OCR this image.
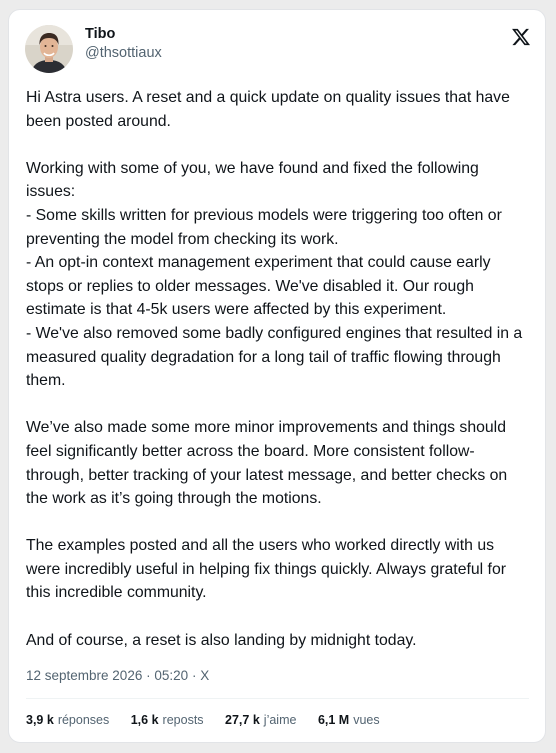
Tibo
@thsottiaux

Hi Astra users. A reset and a quick update on quality issues that have
been posted around.

Working with some of you, we have found and fixed the following
issues:
- Some skills written for previous models were triggering too often or
preventing the model from checking its work.
- An opt-in context management experiment that could cause early
stops or replies to older messages. We've disabled it. Our rough
estimate is that 4-5k users were affected by this experiment.
- We've also removed some badly configured engines that resulted in a
measured quality degradation for a long tail of traffic flowing through
them.

We’ve also made some more minor improvements and things should
feel significantly better across the board. More consistent follow-
through, better tracking of your latest message, and better checks on
the work as it’s going through the motions.

The examples posted and all the users who worked directly with us
were incredibly useful in helping fix things quickly. Always grateful for
this incredible community.

And of course, a reset is also landing by midnight today.

12 septembre 2026 · 05:20 · X
3,9 k réponses 1,6 k reposts 27,7 k j’aime 6,1 M vues
